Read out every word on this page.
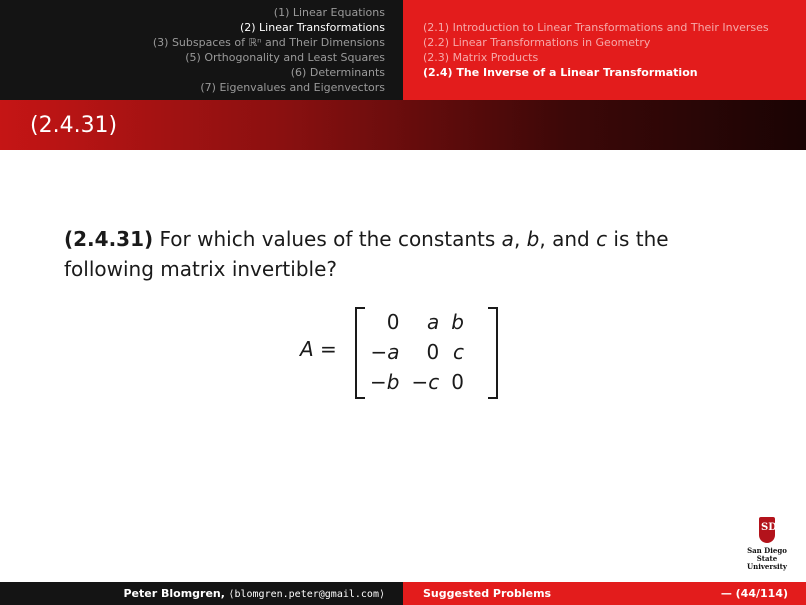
(1) Linear Equations
(2) Linear Transformations
(3) Subspaces of ℝⁿ and Their Dimensions
(5) Orthogonality and Least Squares
(6) Determinants
(7) Eigenvalues and Eigenvectors
(2.1) Introduction to Linear Transformations and Their Inverses
(2.2) Linear Transformations in Geometry
(2.3) Matrix Products
(2.4) The Inverse of a Linear Transformation
(2.4.31)
(2.4.31) For which values of the constants a, b, and c is the following matrix invertible?
A =
0	a	b
−a	0	c
−b	−c	0
SD
San Diego State
University
Peter Blomgren, ⟨blomgren.peter@gmail.com⟩	Suggested Problems	— (44/114)
